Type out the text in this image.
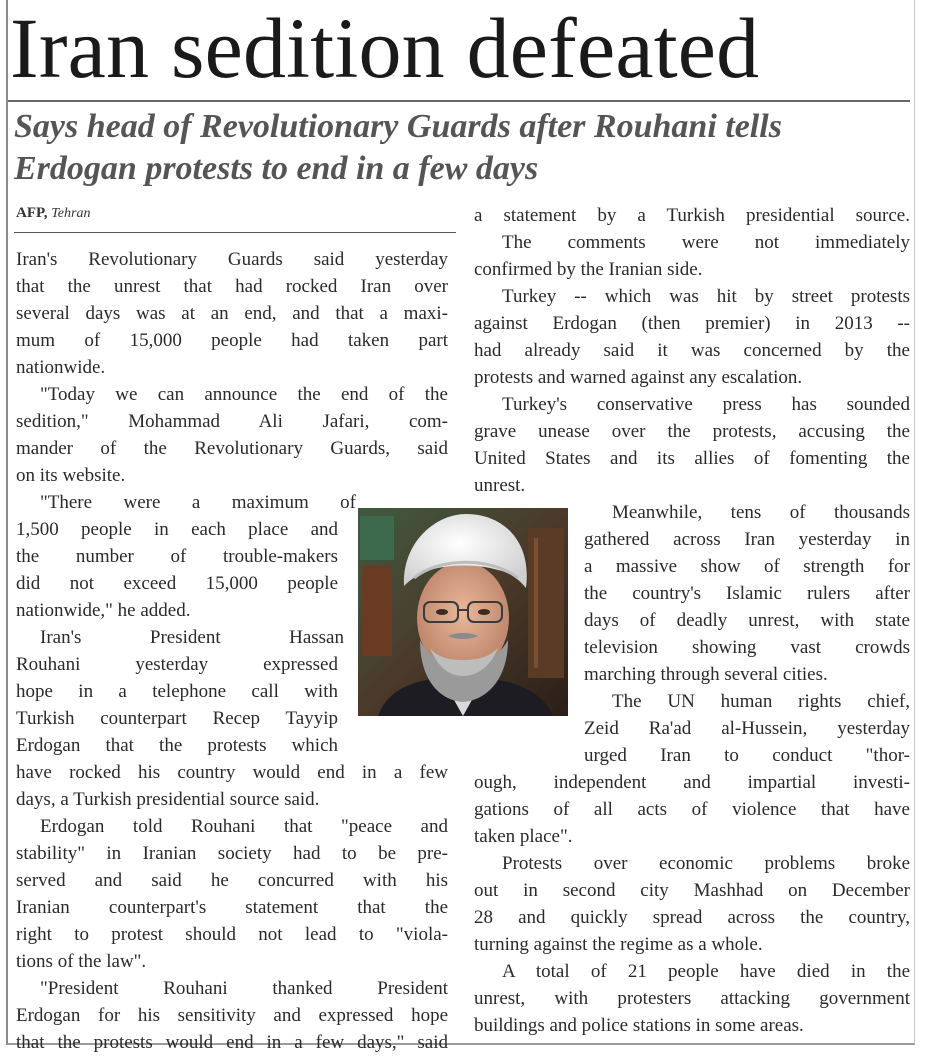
Iran sedition defeated
Says head of Revolutionary Guards after Rouhani tells Erdogan protests to end in a few days
AFP, Tehran
Iran's Revolutionary Guards said yesterday
that the unrest that had rocked Iran over
several days was at an end, and that a maxi-
mum of 15,000 people had taken part
nationwide.
"Today we can announce the end of the
sedition," Mohammad Ali Jafari, com-
mander of the Revolutionary Guards, said
on its website.
"There were a maximum of
1,500 people in each place and
the number of trouble-makers
did not exceed 15,000 people
nationwide," he added.
Iran's President Hassan
Rouhani yesterday expressed
hope in a telephone call with
Turkish counterpart Recep Tayyip
Erdogan that the protests which
have rocked his country would end in a few
days, a Turkish presidential source said.
Erdogan told Rouhani that "peace and
stability" in Iranian society had to be pre-
served and said he concurred with his
Iranian counterpart's statement that the
right to protest should not lead to "viola-
tions of the law".
"President Rouhani thanked President
Erdogan for his sensitivity and expressed hope
that the protests would end in a few days," said
a statement by a Turkish presidential source.
The comments were not immediately
confirmed by the Iranian side.
Turkey -- which was hit by street protests
against Erdogan (then premier) in 2013 --
had already said it was concerned by the
protests and warned against any escalation.
Turkey's conservative press has sounded
grave unease over the protests, accusing the
United States and its allies of fomenting the
unrest.
Meanwhile, tens of thousands
gathered across Iran yesterday in
a massive show of strength for
the country's Islamic rulers after
days of deadly unrest, with state
television showing vast crowds
marching through several cities.
The UN human rights chief,
Zeid Ra'ad al-Hussein, yesterday
urged Iran to conduct "thor-
ough, independent and impartial investi-
gations of all acts of violence that have
taken place".
Protests over economic problems broke
out in second city Mashhad on December
28 and quickly spread across the country,
turning against the regime as a whole.
A total of 21 people have died in the
unrest, with protesters attacking government
buildings and police stations in some areas.
